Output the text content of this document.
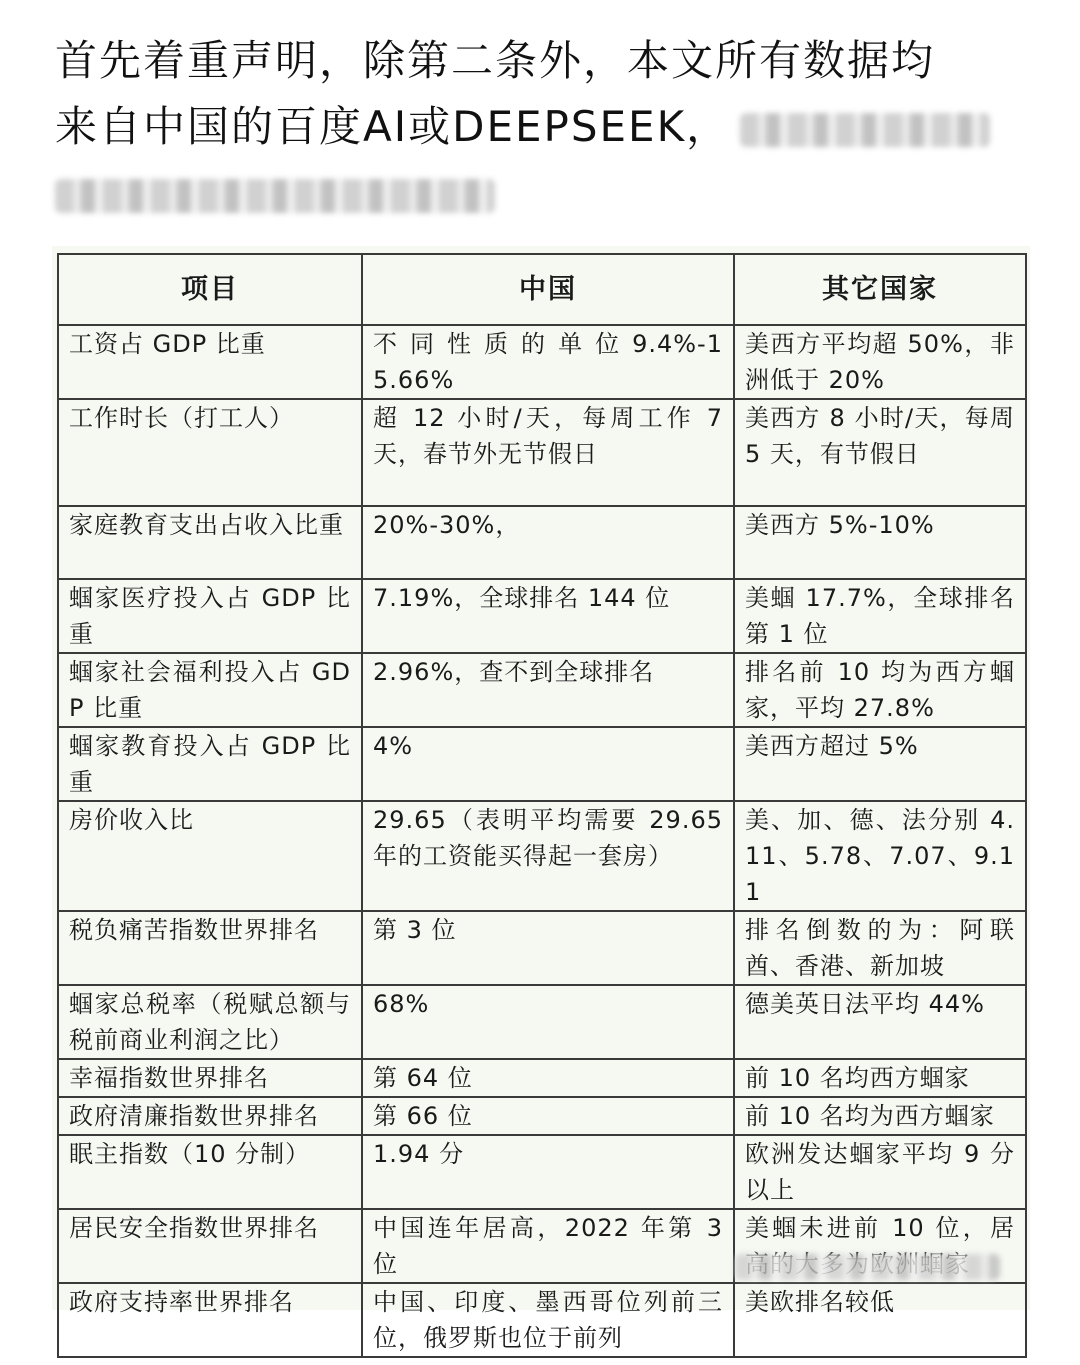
首先着重声明，除第二条外，本文所有数据均
来自中国的百度AI或DEEPSEEK，
项目	中国	其它国家
工资占 GDP 比重	不 同 性 质 的 单 位 9.4%-15.66%	美西方平均超 50%，非洲低于 20%
工作时长（打工人）	超 12 小时/天，每周工作 7 天，春节外无节假日	美西方 8 小时/天，每周 5 天，有节假日
家庭教育支出占收入比重	20%-30%，	美西方 5%-10%
蝈家医疗投入占 GDP 比重	7.19%，全球排名 144 位	美蝈 17.7%，全球排名第 1 位
蝈家社会福利投入占 GDP 比重	2.96%，查不到全球排名	排名前 10 均为西方蝈家，平均 27.8%
蝈家教育投入占 GDP 比重	4%	美西方超过 5%
房价收入比	29.65（表明平均需要 29.65 年的工资能买得起一套房）	美、加、德、法分别 4.11、5.78、7.07、9.11
税负痛苦指数世界排名	第 3 位	排名倒数的为：阿联酋、香港、新加坡
蝈家总税率（税赋总额与税前商业利润之比）	68%	德美英日法平均 44%
幸福指数世界排名	第 64 位	前 10 名均西方蝈家
政府清廉指数世界排名	第 66 位	前 10 名均为西方蝈家
眠主指数（10 分制）	1.94 分	欧洲发达蝈家平均 9 分以上
居民安全指数世界排名	中国连年居高，2022 年第 3 位	美蝈未进前 10 位，居
政府支持率世界排名	中国、印度、墨西哥位列前三位，俄罗斯也位于前列	美欧排名较低
